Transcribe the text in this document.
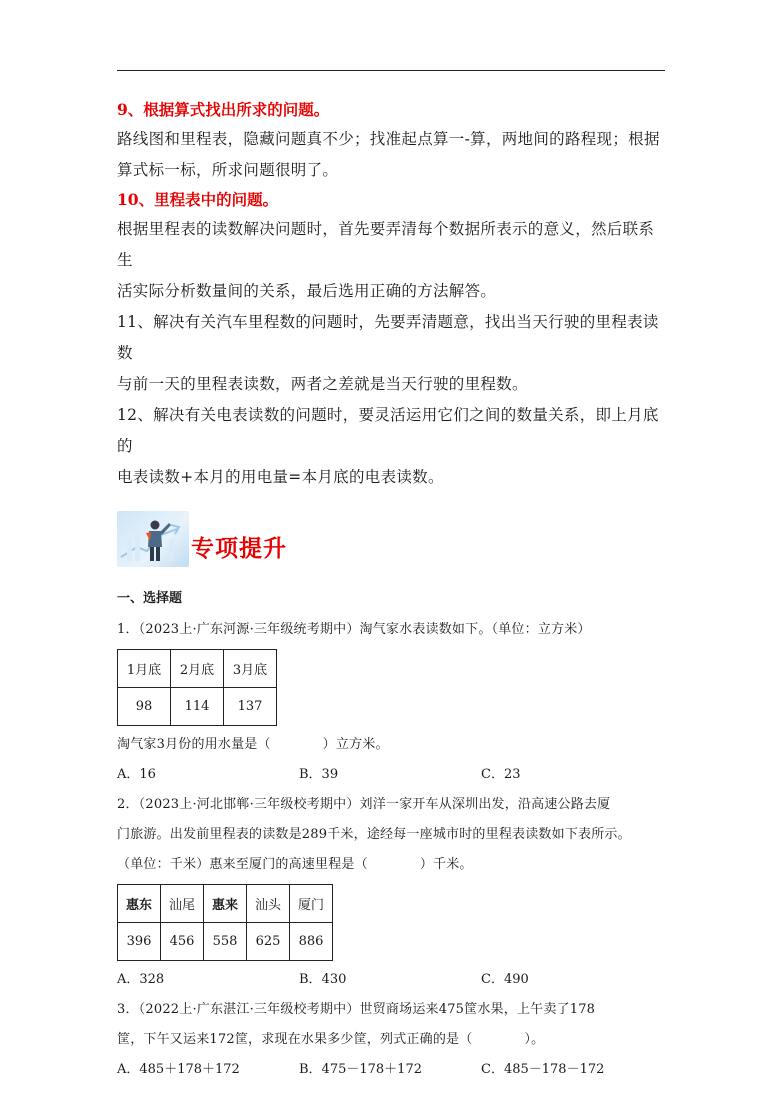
9、根据算式找出所求的问题。
路线图和里程表，隐藏问题真不少；找准起点算一-算，两地间的路程现；根据
算式标一标，所求问题很明了。
10、里程表中的问题。
根据里程表的读数解决问题时，首先要弄清每个数据所表示的意义，然后联系生
活实际分析数量间的关系，最后选用正确的方法解答。
11、解决有关汽车里程数的问题时，先要弄清题意，找出当天行驶的里程表读数
与前一天的里程表读数，两者之差就是当天行驶的里程数。
12、解决有关电表读数的问题时，要灵活运用它们之间的数量关系，即上月底的
电表读数+本月的用电量=本月底的电表读数。
专项提升
一、选择题
1．（2023上·广东河源·三年级统考期中）淘气家水表读数如下。（单位：立方米）
1月底	2月底	3月底
98	114	137
淘气家3月份的用水量是（	）立方米。
A．16	B．39	C．23
2．（2023上·河北邯郸·三年级校考期中）刘洋一家开车从深圳出发，沿高速公路去厦
门旅游。出发前里程表的读数是289千米，途经每一座城市时的里程表读数如下表所示。
（单位：千米）惠来至厦门的高速里程是（	）千米。
惠东	汕尾	惠来	汕头	厦门
396	456	558	625	886
A．328	B．430	C．490
3．（2022上·广东湛江·三年级校考期中）世贸商场运来475筐水果，上午卖了178
筐，下午又运来172筐，求现在水果多少筐，列式正确的是（	）。
A．485＋178＋172	B．475－178＋172	C．485－178－172
